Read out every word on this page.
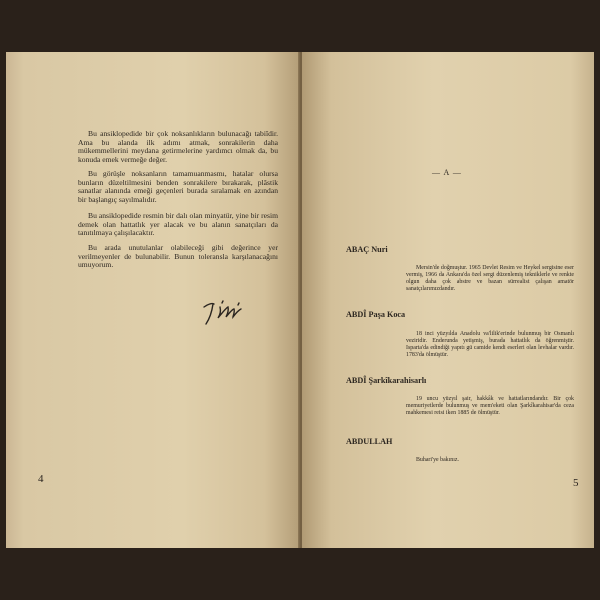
Bu ansiklopedide bir çok noksanlıkların bulunacağı tabiîdir. Ama bu alanda ilk adımı atmak, sonrakilerin daha mükemmellerini meydana getirmelerine yardımcı olmak da, bu konuda emek vermeğe değer.

Bu görüşle noksanların tamamuanmasmı, hatalar olursa bunların düzeltilmesini benden sonrakilere bırakarak, plâstik sanatlar alanında emeği geçenleri burada sıralamak en azından bir başlangıç sayılmalıdır.

Bu ansiklopedide resmin bir dalı olan minyatür, yine bir resim demek olan hattatlık yer alacak ve bu alanın sanatçıları da tanıtılmaya çalışılacaktır.

Bu arada unutulanlar olabileceği gibi değerince yer verilmeyenler de bulunabilir. Bunun toleransla karşılanacağını umuyorum.

4
— A —
ABAÇ Nuri

Mersin'de doğmuştur. 1965 Devlet Resim ve Heykel sergisine eser vermiş, 1966 da Ankara'da özel sergi düzenlemiş tekniklerle ve renkte olgun daha çok abstre ve bazan sürrealist çalışan amatör sanatçılarımızdandır.

ABDÎ Paşa Koca

18 inci yüzyılda Anadolu va'lilik'erinde bulunmuş bir Osmanlı veziridir. Enderunda yetişmiş, burada hattatlık da öğrenmiştir. Isparta'da edindiği yapıtı gü camide kendi eserleri olan levhalar vardır. 1783'da ölmüştür.

ABDÎ Şarkîkarahisarlı

19 uncu yüzyıl şair, hakkâk ve hattatlarındandır. Bir çok memuriyetlerde bulunmuş ve mem'eketi olan Şarkîkarahisar'da ceza mahkemesi reisi iken 1885 de ölmüştür.

ABDULLAH

Buhari'ye bakınız.

5
